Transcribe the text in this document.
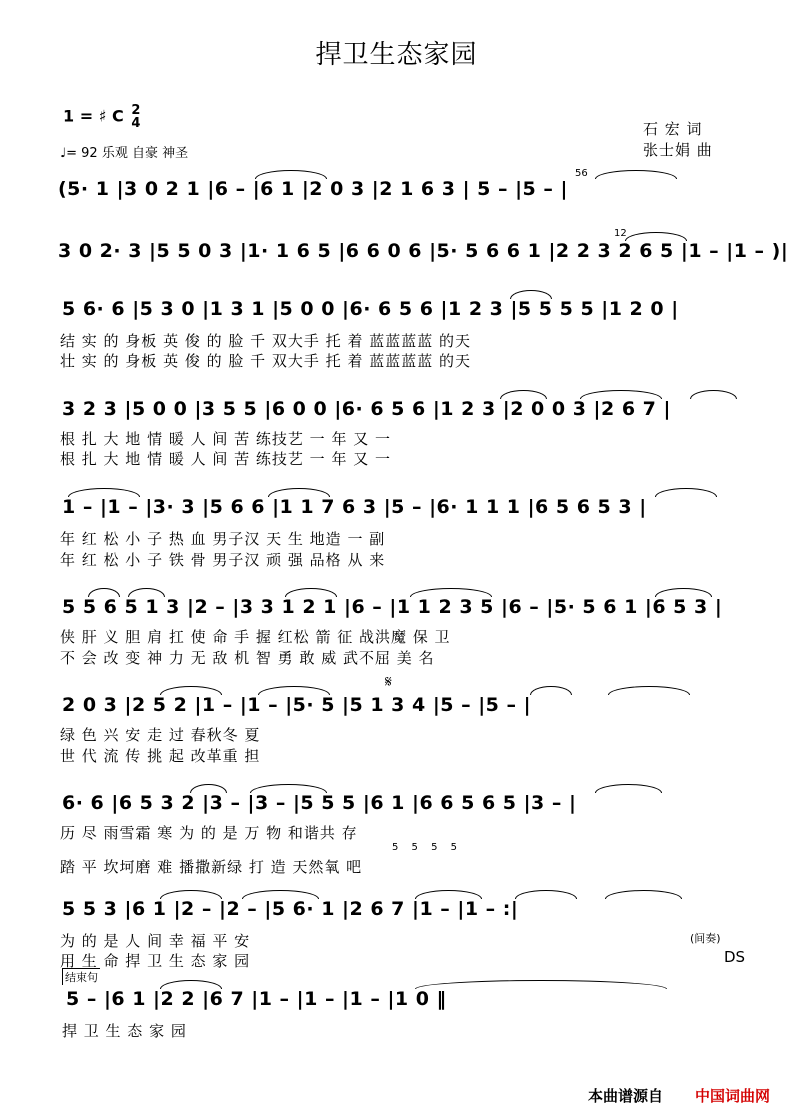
捍卫生态家园
1 = ♯ C 2
4
♩= 92 乐观 自豪 神圣
石 宏 词
张士娟 曲
56
12
(5· 1 |3 0 2 1 |6 – |6 1 |2 0 3 |2 1 6 3 | 5 – |5 – |
3 0 2· 3 |5 5 0 3 |1· 1 6 5 |6 6 0 6 |5· 5 6 6 1 |2 2 3 2 6 5 |1 – |1 – )|
5 6· 6 |5 3 0 |1 3 1 |5 0 0 |6· 6 5 6 |1 2 3 |5 5 5 5 |1 2 0 |
结 实 的 身板 英 俊 的 脸 千 双大手 托 着 蓝蓝蓝蓝 的天
壮 实 的 身板 英 俊 的 脸 千 双大手 托 着 蓝蓝蓝蓝 的天
3 2 3 |5 0 0 |3 5 5 |6 0 0 |6· 6 5 6 |1 2 3 |2 0 0 3 |2 6 7 |
根 扎 大 地 情 暖 人 间 苦 练技艺 一 年 又 一
根 扎 大 地 情 暖 人 间 苦 练技艺 一 年 又 一
1 – |1 – |3· 3 |5 6 6 |1 1 7 6 3 |5 – |6· 1 1 1 |6 5 6 5 3 |
年 红 松 小 子 热 血 男子汉 天 生 地造 一 副
年 红 松 小 子 铁 骨 男子汉 顽 强 品格 从 来
5 5 6 5 1 3 |2 – |3 3 1 2 1 |6 – |1 1 2 3 5 |6 – |5· 5 6 1 |6 5 3 |
侠 肝 义 胆 肩 扛 使 命 手 握 红松 箭 征 战洪魔 保 卫
不 会 改 变 神 力 无 敌 机 智 勇 敢 威 武不屈 美 名
𝄋
2 0 3 |2 5 2 |1 – |1 – |5· 5 |5 1 3 4 |5 – |5 – |
绿 色 兴 安 走 过 春秋冬 夏
世 代 流 传 挑 起 改革重 担
6· 6 |6 5 3 2 |3 – |3 – |5 5 5 |6 1 |6 6 5 6 5 |3 – |
历 尽 雨雪霜 寒 为 的 是 万 物 和谐共 存
5 5 5 5
踏 平 坎坷磨 难 播撒新绿 打 造 天然氧 吧
5 5 3 |6 1 |2 – |2 – |5 6· 1 |2 6 7 |1 – |1 – :|
(间奏)
为 的 是 人 间 幸 福 平 安
用 生 命 捍 卫 生 态 家 园	DS
结束句
5 – |6 1 |2 2 |6 7 |1 – |1 – |1 – |1 0 ‖
捍 卫 生 态 家 园
本曲谱源自 中国词曲网
